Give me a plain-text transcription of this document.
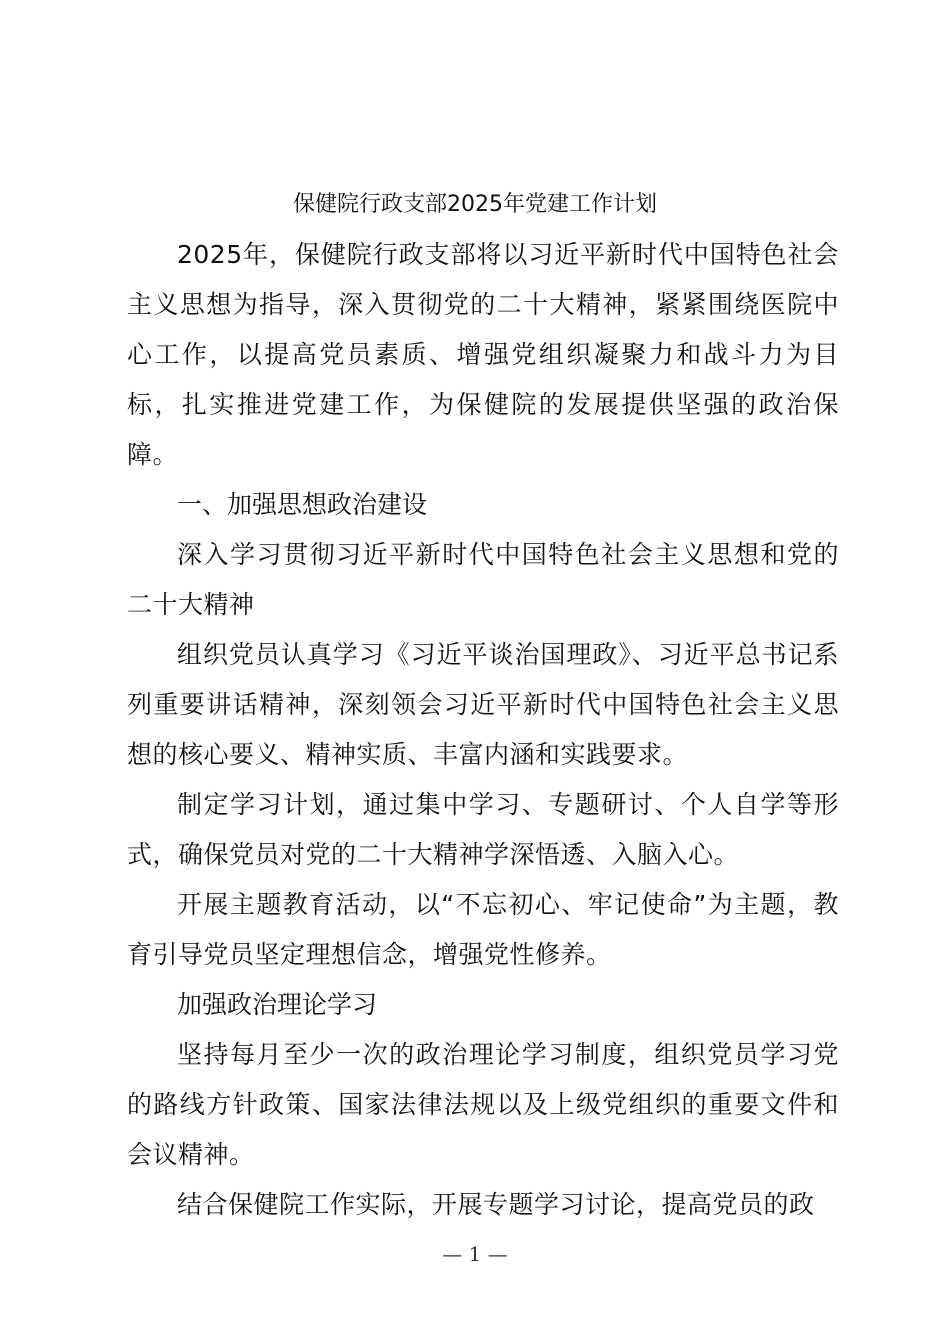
保健院行政支部2025年党建工作计划

2025年，保健院行政支部将以习近平新时代中国特色社会主义思想为指导，深入贯彻党的二十大精神，紧紧围绕医院中心工作，以提高党员素质、增强党组织凝聚力和战斗力为目标，扎实推进党建工作，为保健院的发展提供坚强的政治保障。

一、加强思想政治建设

深入学习贯彻习近平新时代中国特色社会主义思想和党的二十大精神

组织党员认真学习《习近平谈治国理政》、习近平总书记系列重要讲话精神，深刻领会习近平新时代中国特色社会主义思想的核心要义、精神实质、丰富内涵和实践要求。

制定学习计划，通过集中学习、专题研讨、个人自学等形式，确保党员对党的二十大精神学深悟透、入脑入心。

开展主题教育活动，以“不忘初心、牢记使命”为主题，教育引导党员坚定理想信念，增强党性修养。

加强政治理论学习

坚持每月至少一次的政治理论学习制度，组织党员学习党的路线方针政策、国家法律法规以及上级党组织的重要文件和会议精神。

结合保健院工作实际，开展专题学习讨论，提高党员的政

— 1 —
